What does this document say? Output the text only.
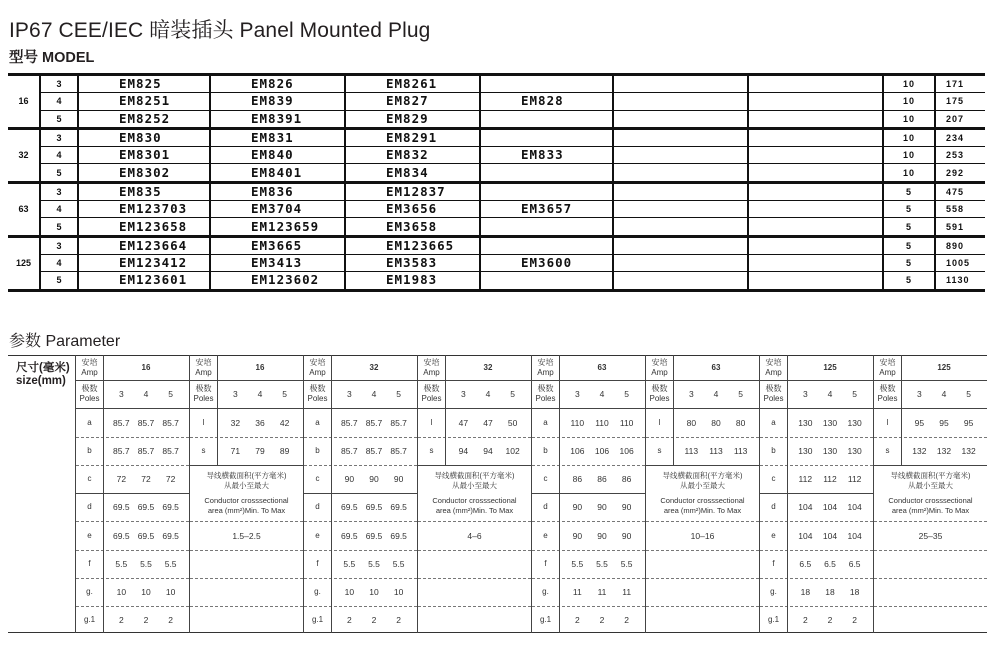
IP67 CEE/IEC 暗装插头 Panel Mounted Plug
型号 MODEL
16	3	EM825	EM826	EM8261				10	171
	4	EM8251	EM839	EM827	EM828			10	175
	5	EM8252	EM8391	EM829				10	207
32	3	EM830	EM831	EM8291				10	234
	4	EM8301	EM840	EM832	EM833			10	253
	5	EM8302	EM8401	EM834				10	292
63	3	EM835	EM836	EM12837				5	475
	4	EM123703	EM3704	EM3656	EM3657			5	558
	5	EM123658	EM123659	EM3658				5	591
125	3	EM123664	EM3665	EM123665				5	890
	4	EM123412	EM3413	EM3583	EM3600			5	1005
	5	EM123601	EM123602	EM1983				5	1130
参数 Parameter
尺寸(毫米)
size(mm)
安培
Amp
16
极数
Poles	3	4	5
a	85.7 85.7 85.7
b	85.7 85.7 85.7
c	72	72	72
d	69.5 69.5 69.5
e	69.5 69.5 69.5
f	5.5	5.5	5.5
g.	10	10	10
g.1	2	2	2
安培
Amp
16
极数
Poles	3	4	5
l	32	36	42
s	71	79	89
导线横截面积(平方毫米)
从最小至最大
Conductor crosssectional
area (mm²)Min. To Max
1.5–2.5
安培
Amp
32
极数
Poles	3	4	5
a	85.7 85.7 85.7
b	85.7 85.7 85.7
c	90	90	90
d	69.5 69.5 69.5
e	69.5 69.5 69.5
f	5.5	5.5	5.5
g.	10	10	10
g.1	2	2	2
安培
Amp
32
极数
Poles	3	4	5
l	47	47	50
s	94	94	102
导线横截面积(平方毫米)
从最小至最大
Conductor crosssectional
area (mm²)Min. To Max
4–6
安培
Amp
63
极数
Poles	3	4	5
a	110	110	110
b	106	106	106
c	86	86	86
d	90	90	90
e	90	90	90
f	5.5	5.5	5.5
g.	11	11	11
g.1	2	2	2
安培
Amp
63
极数
Poles	3	4	5
l	80	80	80
s	113	113	113
导线横截面积(平方毫米)
从最小至最大
Conductor crosssectional
area (mm²)Min. To Max
10–16
安培
Amp
125
极数
Poles	3	4	5
a	130	130	130
b	130	130	130
c	112	112	112
d	104	104	104
e	104	104	104
f	6.5	6.5	6.5
g.	18	18	18
g.1	2	2	2
安培
Amp
125
极数
Poles	3	4	5
l	95	95	95
s	132	132	132
导线横截面积(平方毫米)
从最小至最大
Conductor crosssectional
area (mm²)Min. To Max
25–35
